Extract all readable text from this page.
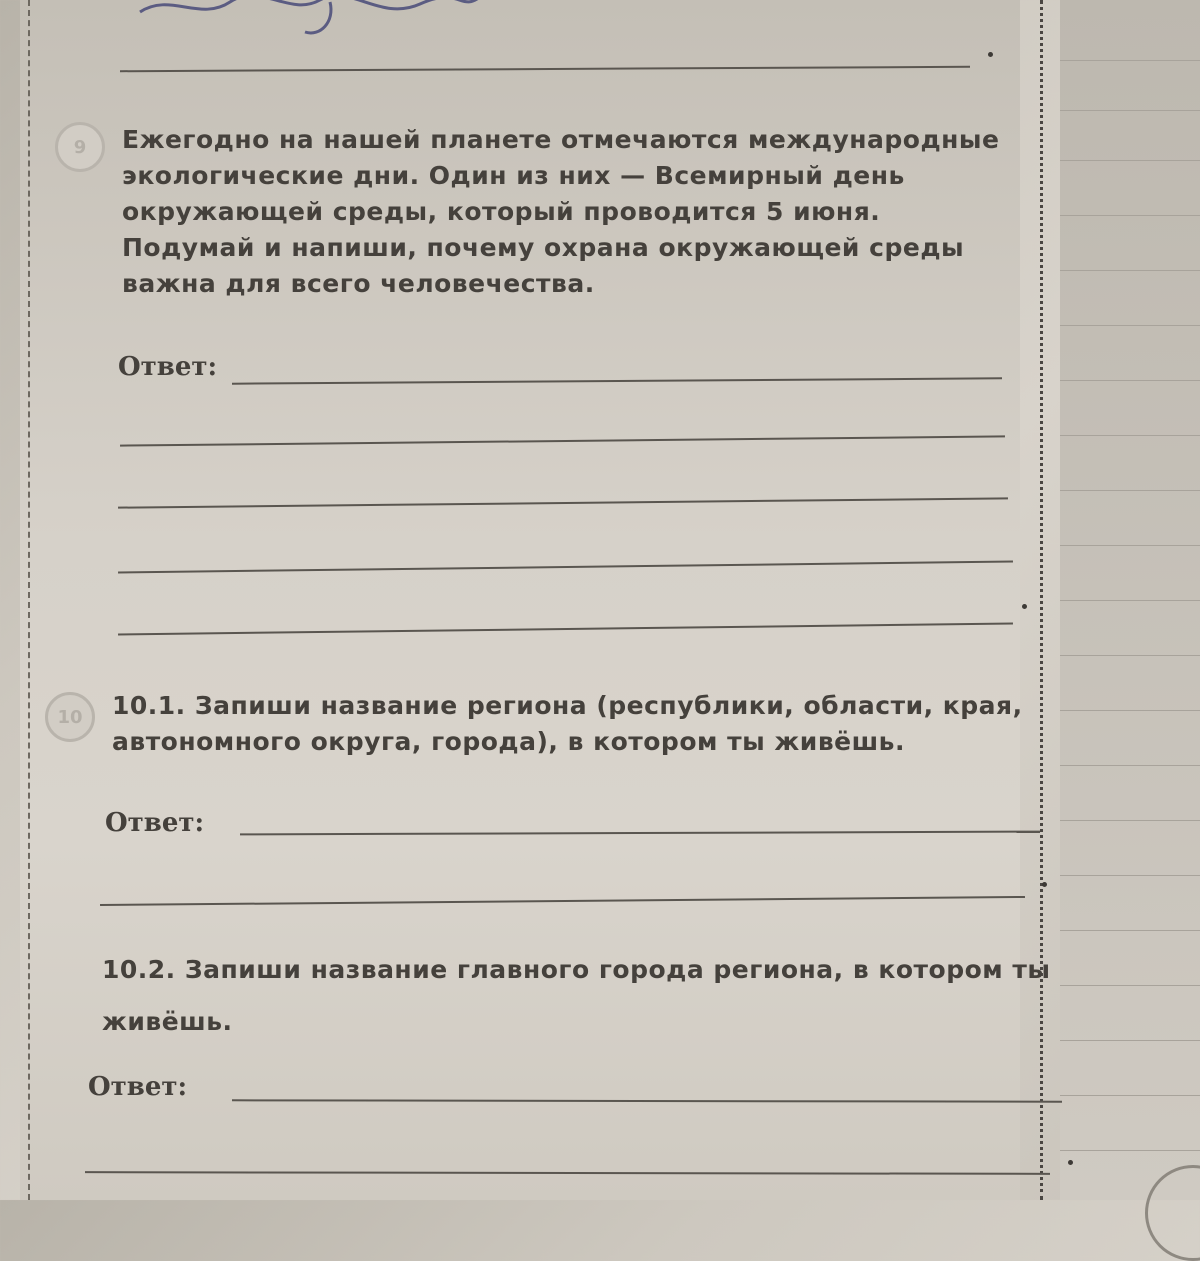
9 Ежегодно на нашей планете отмечаются международные экологические дни. Один из них — Всемирный день окружающей среды, который проводится 5 июня. Подумай и напиши, почему охрана окружающей среды важна для всего человечества.

Ответ:
10 10.1. Запиши название региона (республики, области, края, автономного округа, города), в котором ты живёшь.

Ответ:

10.2. Запиши название главного города региона, в котором ты живёшь.

Ответ:
